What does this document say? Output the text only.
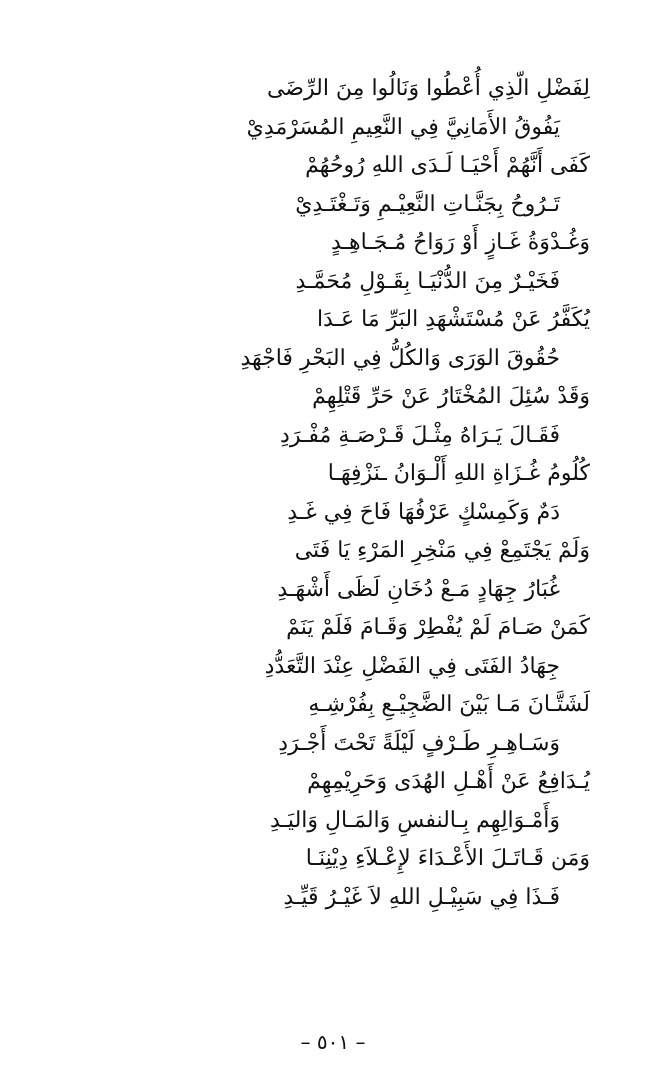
لِفَضْلِ الّذِي أُعْطُوا وَنَالُوا مِنَ الرِّضَى
يَفُوقُ الأَمَانِيَّ فِي النَّعِيمِ المُسَرْمَدِيْ
كَفَى أَنَّهُمْ أَحْيَـا لَـدَى اللهِ رُوحُهُمْ
تَـرُوحُ بِجَنَّـاتِ النَّعِيْـمِ وَتَـغْتَـدِيْ
وَغُـدْوَةُ غَـازٍ أَوْ رَوَاحُ مُـجَـاهِـدٍ
فَخَيْـرٌ مِنَ الدُّنْيَـا بِقَـوْلِ مُحَمَّـدِ
يُكَفَّرُ عَنْ مُسْتَشْهَدِ البَرِّ مَا عَـدَا
حُقُوقَ الوَرَى وَالكُلُّ فِي البَحْرِ فَاجْهَدِ
وَقَدْ سُئِلَ المُخْتَارُ عَنْ حَرِّ قَتْلِهِمْ
فَقَـالَ يَـرَاهُ مِثْـلَ قَـرْصَـةِ مُفْـرَدِ
كُلُومُ غُـزَاةِ اللهِ أَلْـوَانُ ـنَزْفِهَـا
دَمٌ وَكَمِسْكٍ عَرْفُهَا فَاحَ فِي غَـدِ
وَلَمْ يَجْتَمِعْ فِي مَنْخِرِ المَرْءِ يَا فَتَى
غُبَارُ جِهَادٍ مَـعْ دُخَانِ لَظَى أَشْهَـدِ
كَمَنْ صَـامَ لَمْ يُفْطِرْ وَقَـامَ فَلَمْ يَنَمْ
جِهَادُ الفَتَى فِي الفَضْلِ عِنْدَ التَّعَدُّدِ
لَشَتَّـانَ مَـا بَيْنَ الضَّجِيْـعِ بِفُرْشِـهِ
وَسَـاهِـرِ طَـرْفٍ لَيْلَةً تَحْتَ أَجْـرَدِ
يُـدَافِعُ عَنْ أَهْـلِ الهُدَى وَحَرِيْمِهِمْ
وَأَمْـوَالِهِم بِـالنفسِ وَالمَـالِ وَاليَـدِ
وَمَن قَـاتَـلَ الأَعْـدَاءَ لإِعْـلاَءِ دِيْنِنَـا
فَـذَا فِي سَبِيْـلِ اللهِ لاَ غَيْـرُ قَيِّـدِ
– ٥٠١ –
